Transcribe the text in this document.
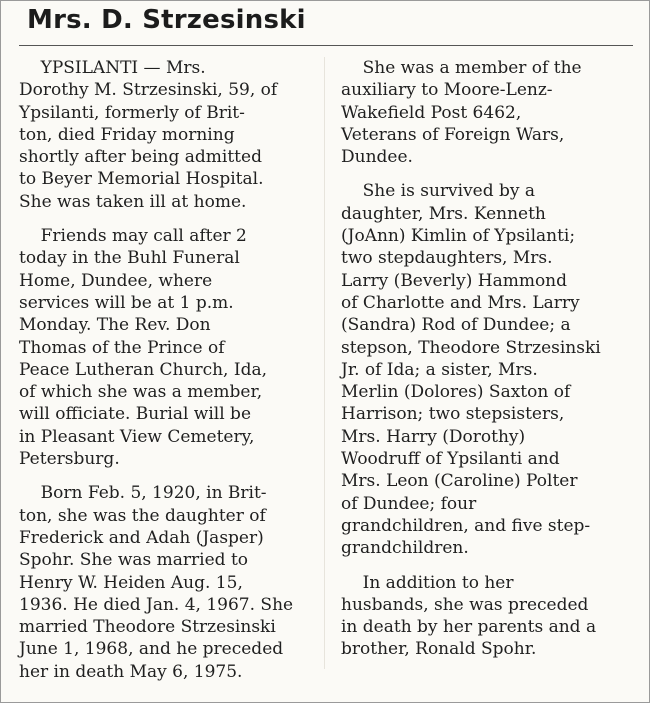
Mrs. D. Strzesinski

YPSILANTI — Mrs.
Dorothy M. Strzesinski, 59, of
Ypsilanti, formerly of Brit-
ton, died Friday morning
shortly after being admitted
to Beyer Memorial Hospital.
She was taken ill at home.

Friends may call after 2
today in the Buhl Funeral
Home, Dundee, where
services will be at 1 p.m.
Monday. The Rev. Don
Thomas of the Prince of
Peace Lutheran Church, Ida,
of which she was a member,
will officiate. Burial will be
in Pleasant View Cemetery,
Petersburg.

Born Feb. 5, 1920, in Brit-
ton, she was the daughter of
Frederick and Adah (Jasper)
Spohr. She was married to
Henry W. Heiden Aug. 15,
1936. He died Jan. 4, 1967. She
married Theodore Strzesinski
June 1, 1968, and he preceded
her in death May 6, 1975.

She was a member of the
auxiliary to Moore-Lenz-
Wakefield Post 6462,
Veterans of Foreign Wars,
Dundee.

She is survived by a
daughter, Mrs. Kenneth
(JoAnn) Kimlin of Ypsilanti;
two stepdaughters, Mrs.
Larry (Beverly) Hammond
of Charlotte and Mrs. Larry
(Sandra) Rod of Dundee; a
stepson, Theodore Strzesinski
Jr. of Ida; a sister, Mrs.
Merlin (Dolores) Saxton of
Harrison; two stepsisters,
Mrs. Harry (Dorothy)
Woodruff of Ypsilanti and
Mrs. Leon (Caroline) Polter
of Dundee; four
grandchildren, and five step-
grandchildren.

In addition to her
husbands, she was preceded
in death by her parents and a
brother, Ronald Spohr.
